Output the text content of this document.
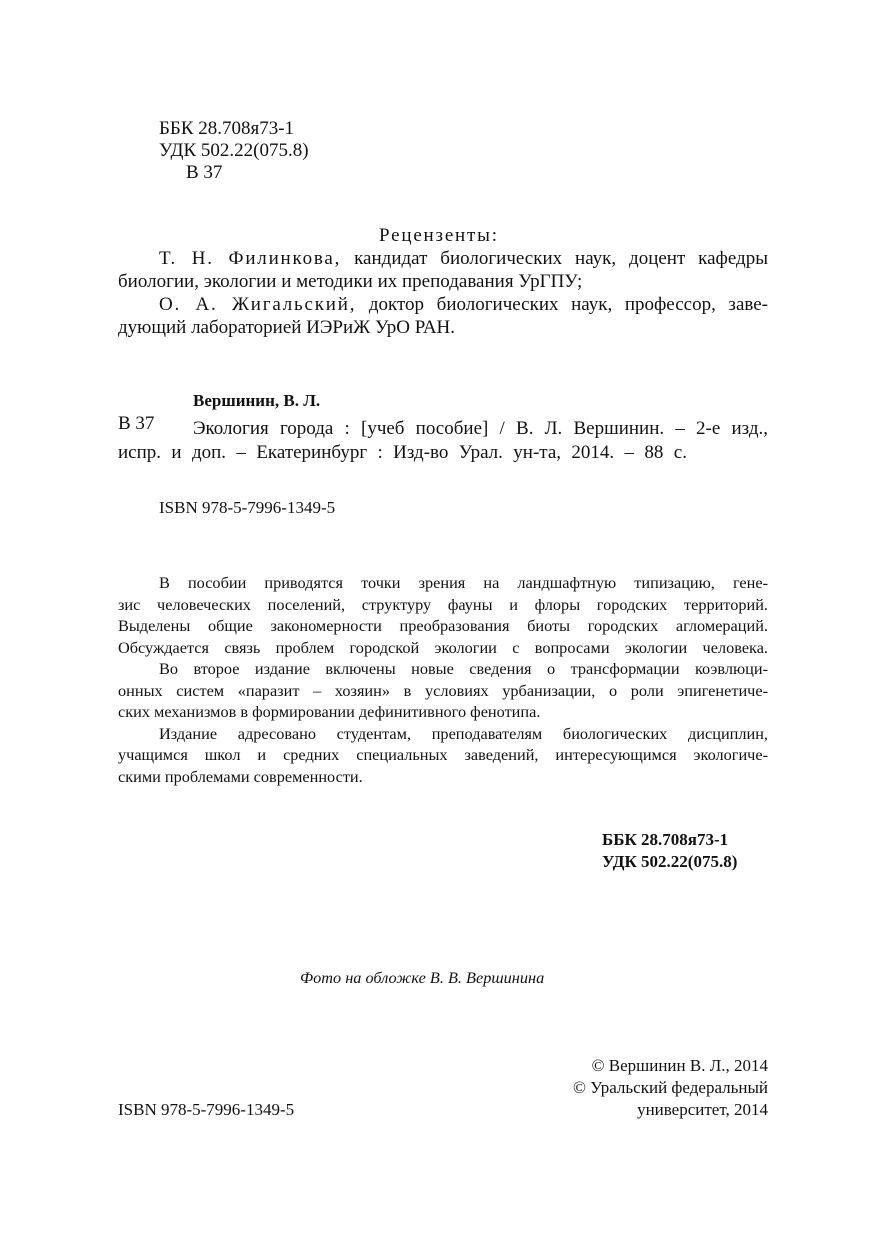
ББК 28.708я73-1
УДК 502.22(075.8)
В 37
Рецензенты:
Т. Н. Филинкова, кандидат биологических наук, доцент кафедры
биологии, экологии и методики их преподавания УрГПУ;
О. А. Жигальский, доктор биологических наук, профессор, заве-
дующий лабораторией ИЭРиЖ УрО РАН.
Вершинин, В. Л.
В 37 Экология города : [учеб пособие] / В. Л. Вершинин. – 2-е изд.,
испр. и доп. – Екатеринбург : Изд-во Урал. ун-та, 2014. – 88 с.
ISBN 978-5-7996-1349-5
В пособии приводятся точки зрения на ландшафтную типизацию, гене-
зис человеческих поселений, структуру фауны и флоры городских территорий.
Выделены общие закономерности преобразования биоты городских агломераций.
Обсуждается связь проблем городской экологии с вопросами экологии человека.
Во второе издание включены новые сведения о трансформации коэвлюци-
онных систем «паразит – хозяин» в условиях урбанизации, о роли эпигенетиче-
ских механизмов в формировании дефинитивного фенотипа.
Издание адресовано студентам, преподавателям биологических дисциплин,
учащимся школ и средних специальных заведений, интересующимся экологиче-
скими проблемами современности.
ББК 28.708я73-1
УДК 502.22(075.8)
Фото на обложке В. В. Вершинина
© Вершинин В. Л., 2014
© Уральский федеральный
университет, 2014
ISBN 978-5-7996-1349-5
